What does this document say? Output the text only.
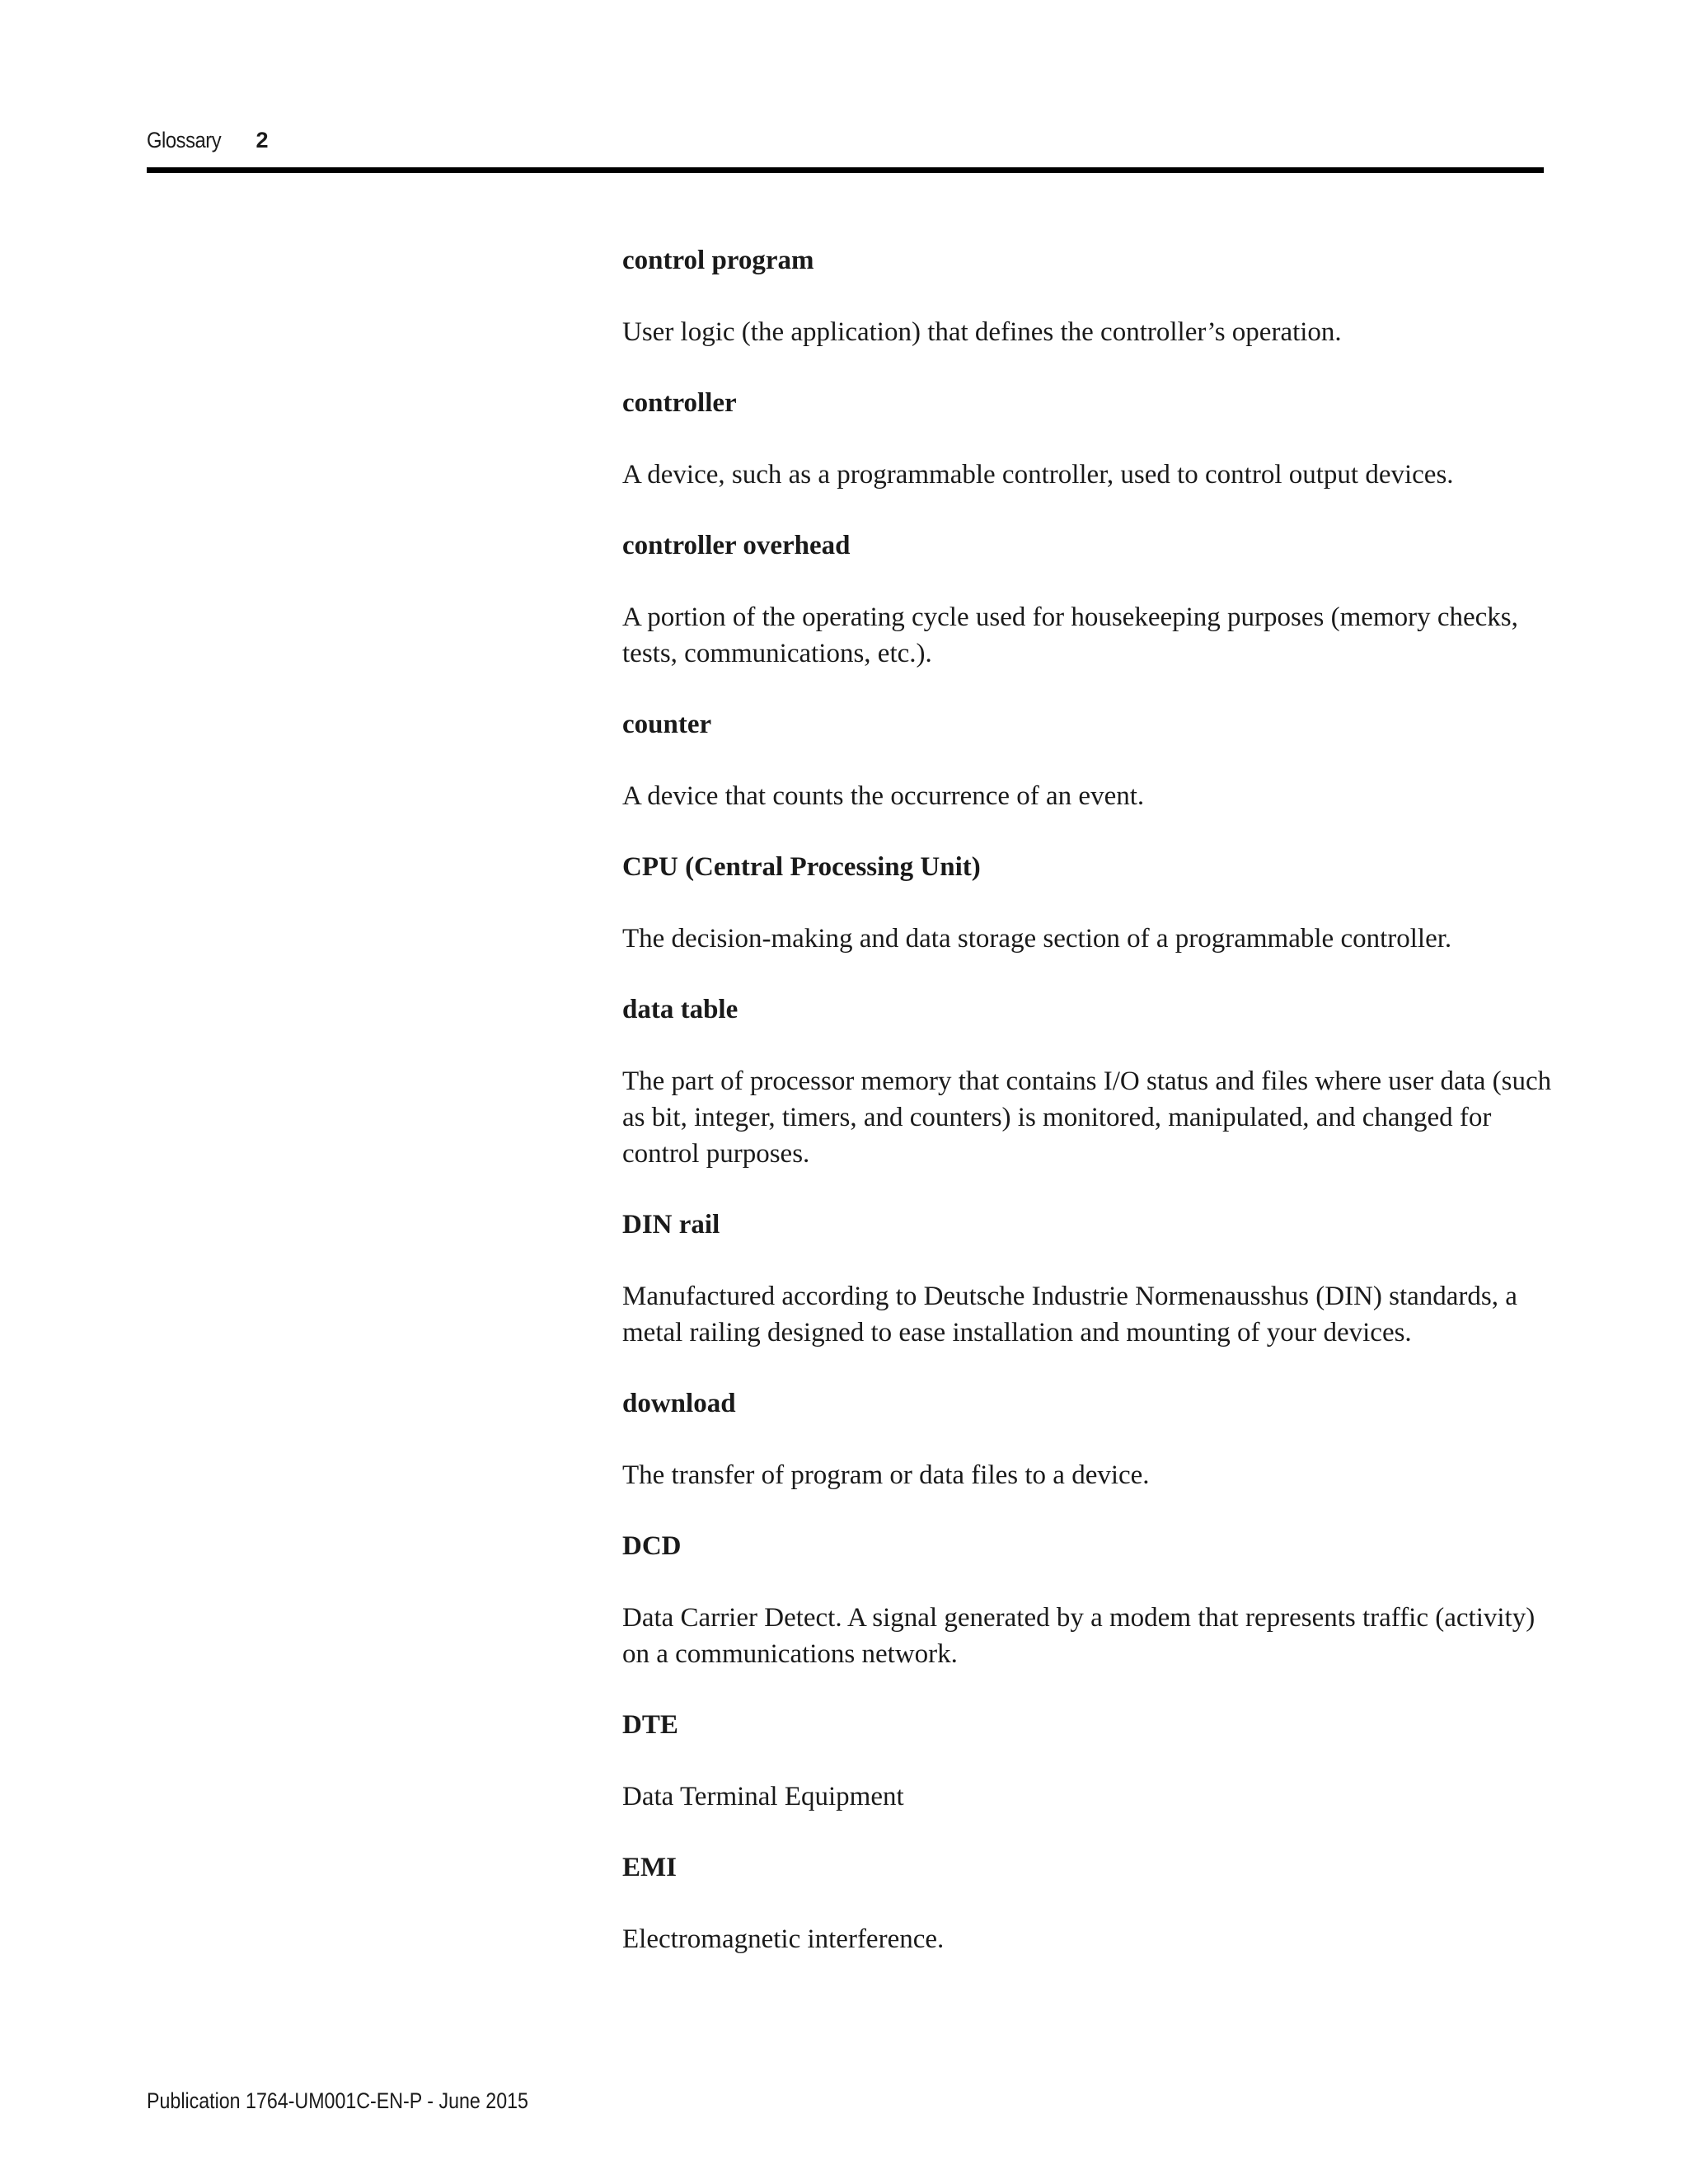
Glossary 2
control program
User logic (the application) that defines the controller’s operation.
controller
A device, such as a programmable controller, used to control output devices.
controller overhead
A portion of the operating cycle used for housekeeping purposes (memory checks, tests, communications, etc.).
counter
A device that counts the occurrence of an event.
CPU (Central Processing Unit)
The decision-making and data storage section of a programmable controller.
data table
The part of processor memory that contains I/O status and files where user data (such as bit, integer, timers, and counters) is monitored, manipulated, and changed for control purposes.
DIN rail
Manufactured according to Deutsche Industrie Normenausshus (DIN) standards, a metal railing designed to ease installation and mounting of your devices.
download
The transfer of program or data files to a device.
DCD
Data Carrier Detect. A signal generated by a modem that represents traffic (activity) on a communications network.
DTE
Data Terminal Equipment
EMI
Electromagnetic interference.
Publication 1764-UM001C-EN-P - June 2015
